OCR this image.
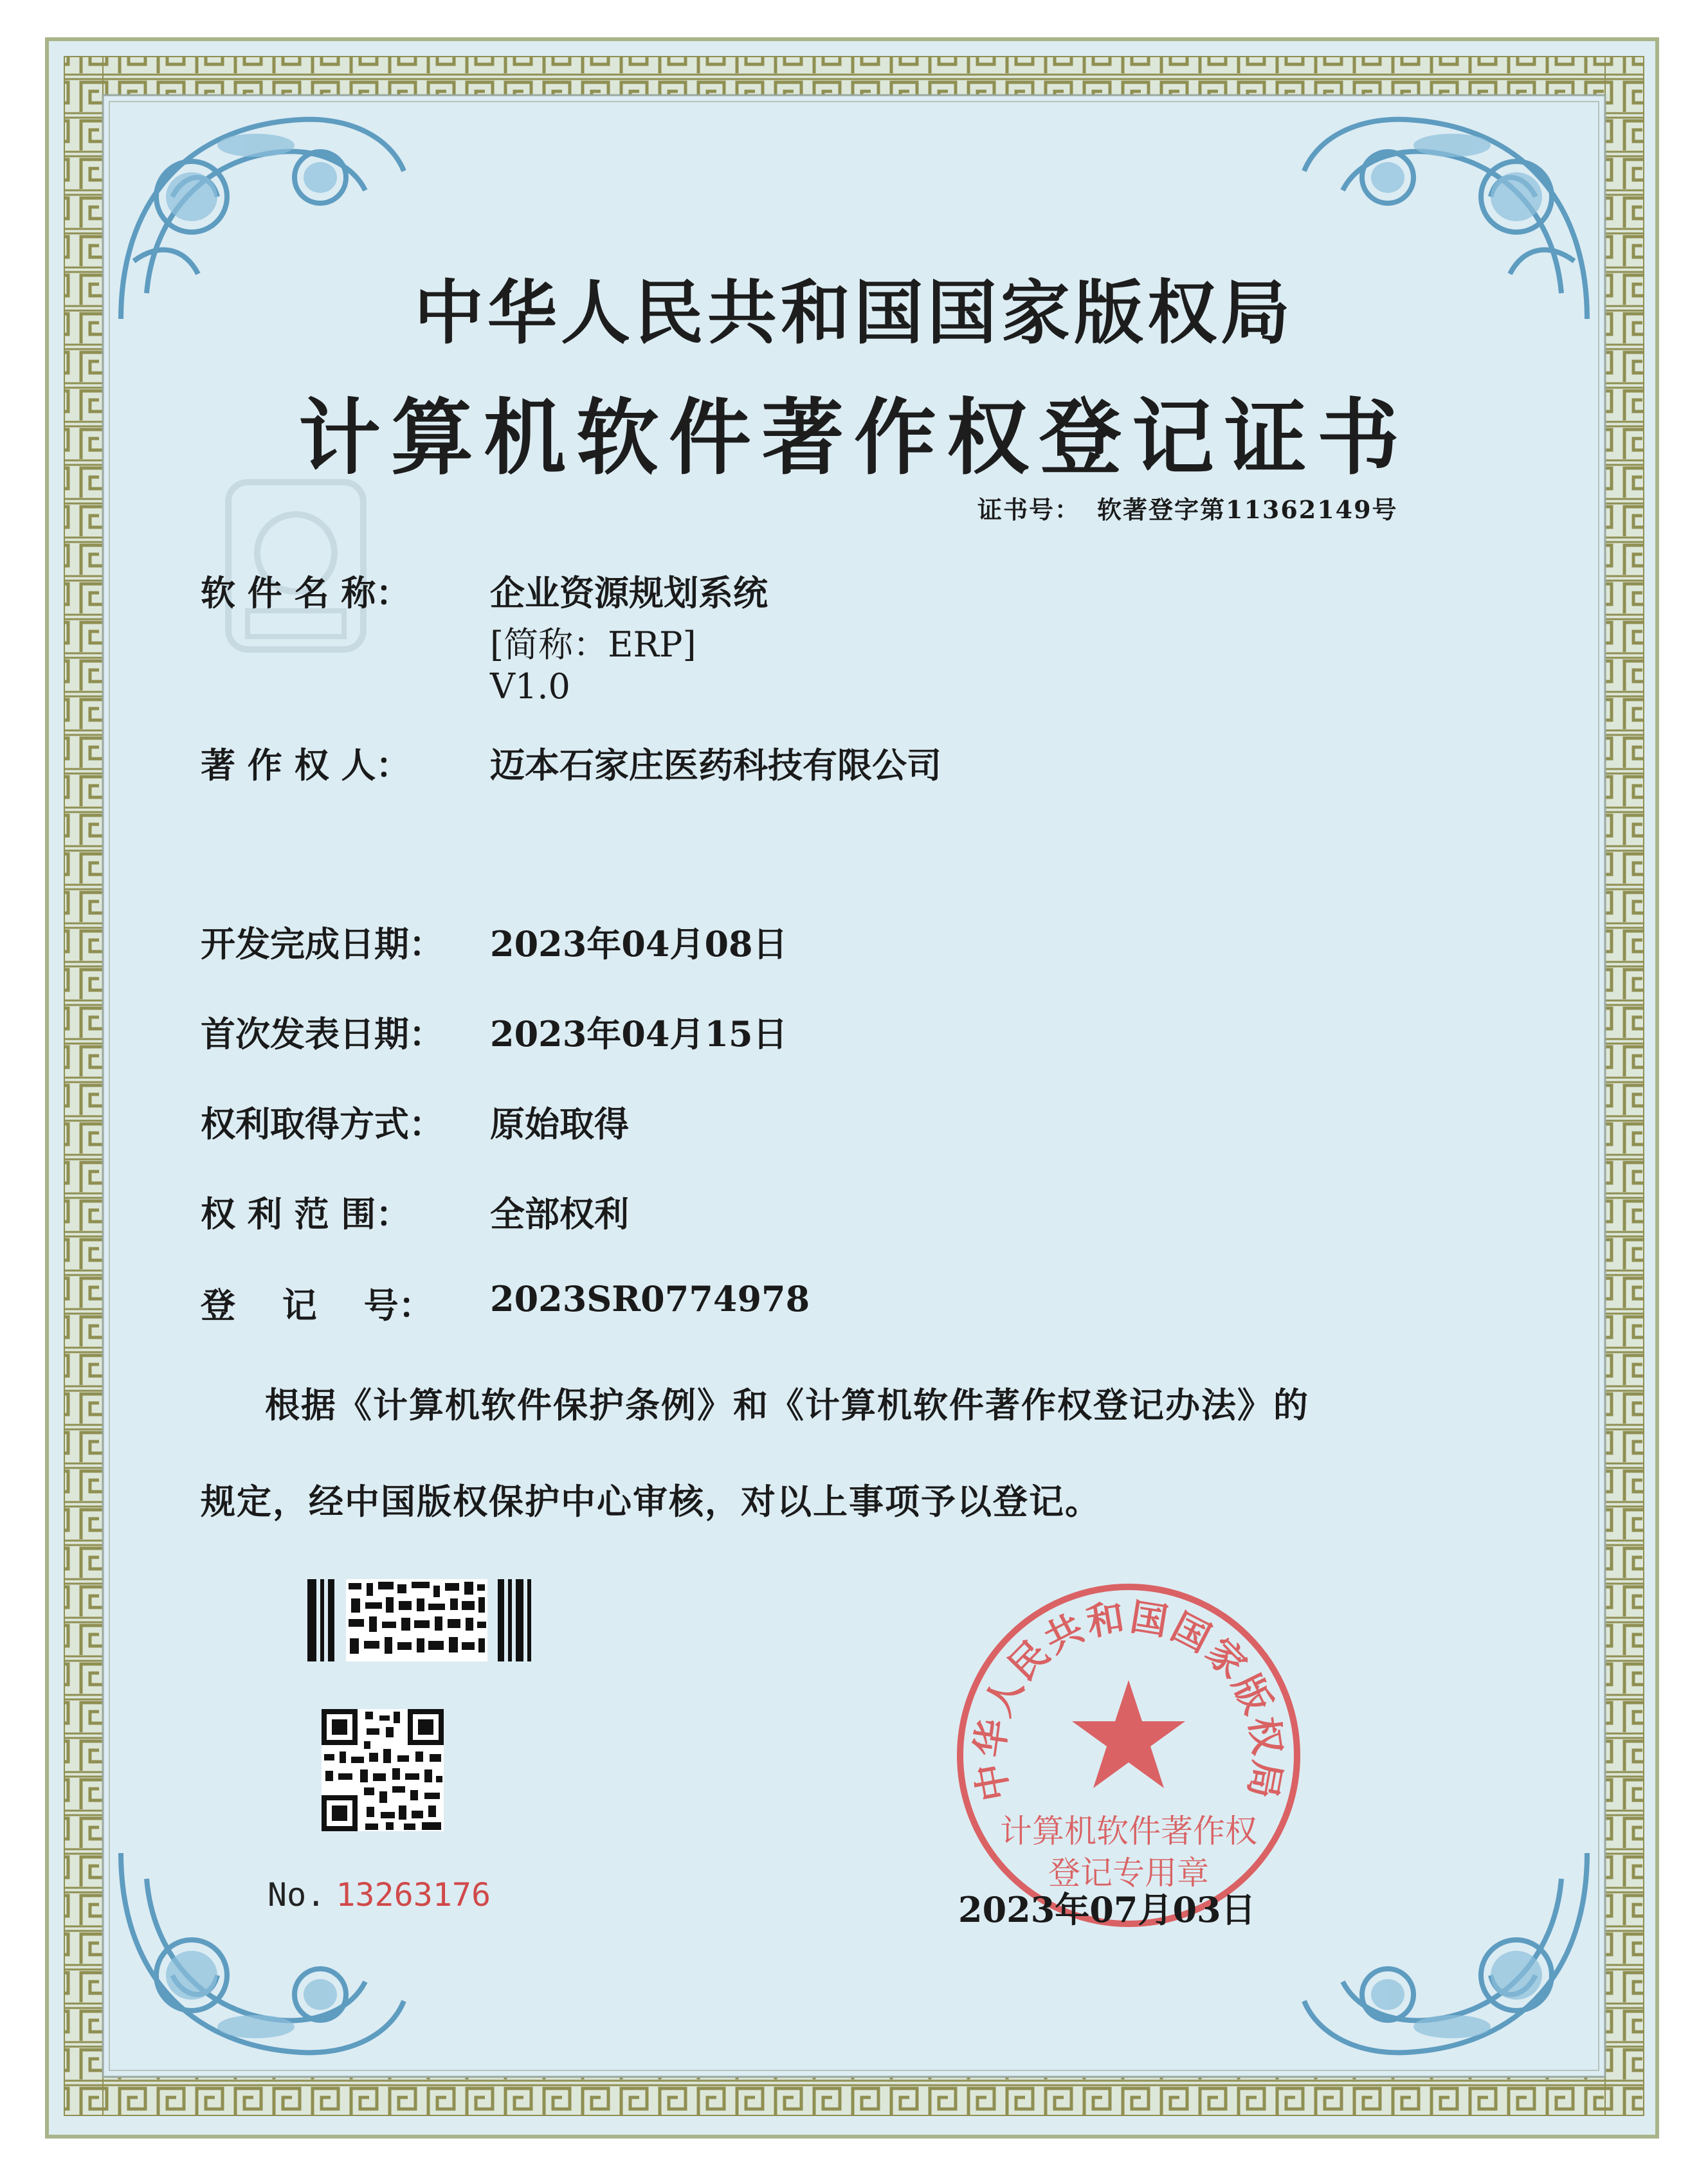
中华人民共和国国家版权局
计算机软件著作权登记证书
证书号： 软著登字第11362149号
软 件 名 称： 企业资源规划系统
[简称：ERP]
V1.0
著 作 权 人： 迈本石家庄医药科技有限公司
开发完成日期： 2023年04月08日
首次发表日期： 2023年04月15日
权利取得方式： 原始取得
权 利 范 围： 全部权利
登　 记　 号： 2023SR0774978
根据《计算机软件保护条例》和《计算机软件著作权登记办法》的
规定，经中国版权保护中心审核，对以上事项予以登记。
No. 13263176
中华人民共和国国家版权局
计算机软件著作权
登记专用章
2023年07月03日
